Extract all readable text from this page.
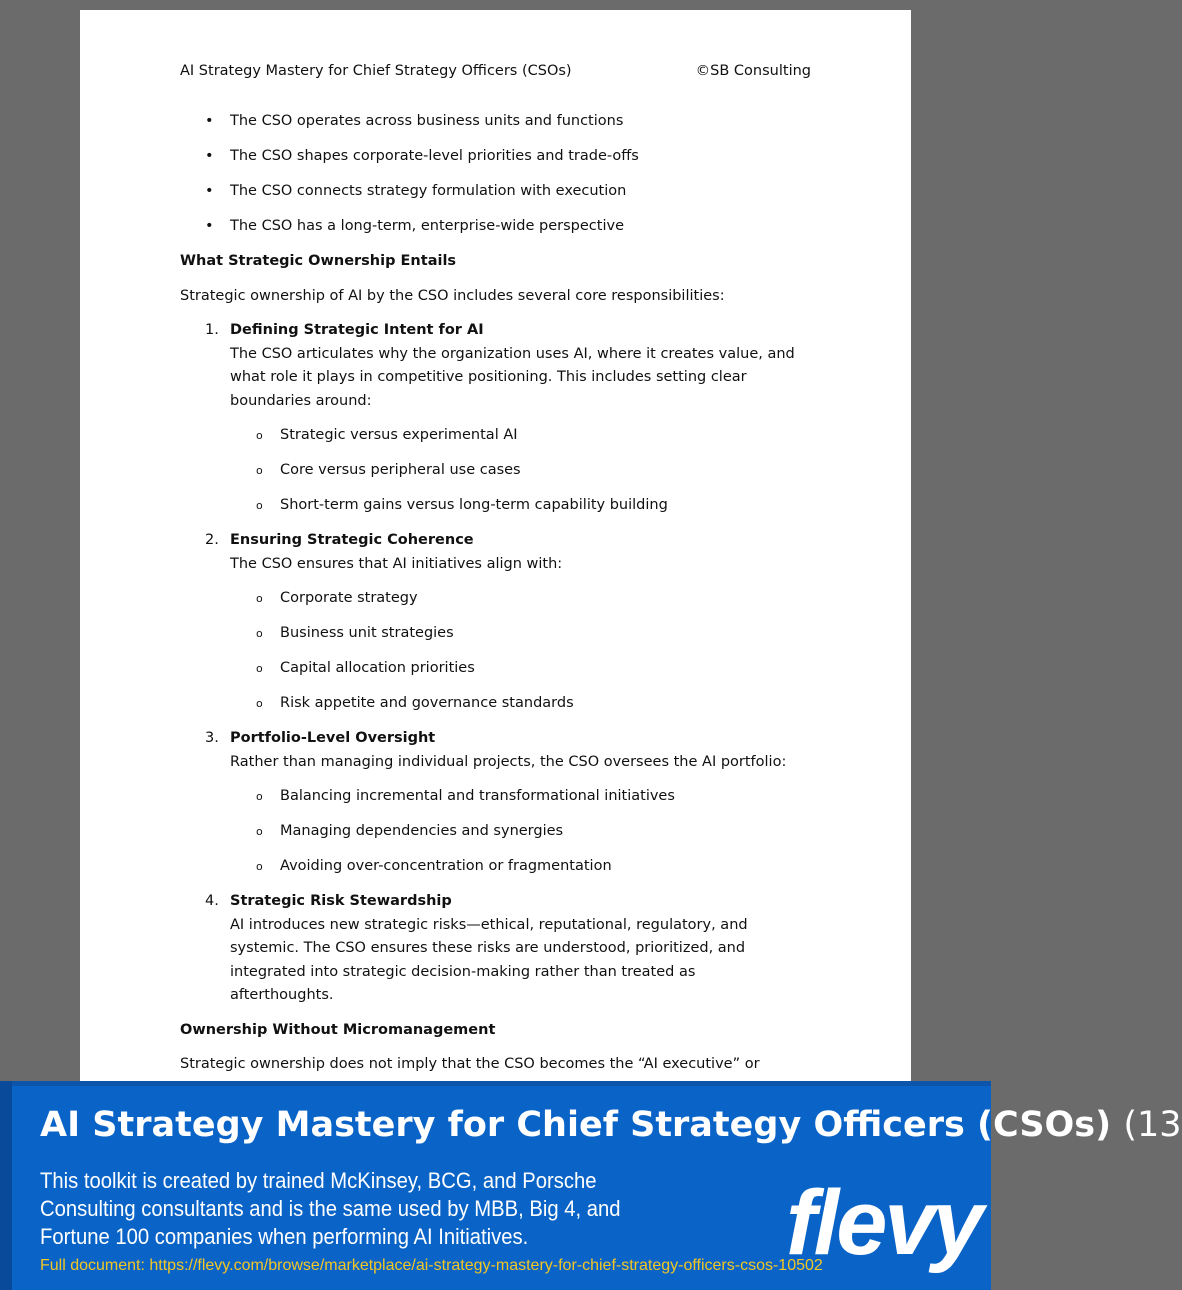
AI Strategy Mastery for Chief Strategy Officers (CSOs)	©SB Consulting
• The CSO operates across business units and functions
• The CSO shapes corporate-level priorities and trade-offs
• The CSO connects strategy formulation with execution
• The CSO has a long-term, enterprise-wide perspective
What Strategic Ownership Entails
Strategic ownership of AI by the CSO includes several core responsibilities:
1. Defining Strategic Intent for AI
The CSO articulates why the organization uses AI, where it creates value, and what role it plays in competitive positioning. This includes setting clear boundaries around:
o Strategic versus experimental AI
o Core versus peripheral use cases
o Short-term gains versus long-term capability building
2. Ensuring Strategic Coherence
The CSO ensures that AI initiatives align with:
o Corporate strategy
o Business unit strategies
o Capital allocation priorities
o Risk appetite and governance standards
3. Portfolio-Level Oversight
Rather than managing individual projects, the CSO oversees the AI portfolio:
o Balancing incremental and transformational initiatives
o Managing dependencies and synergies
o Avoiding over-concentration or fragmentation
4. Strategic Risk Stewardship
AI introduces new strategic risks—ethical, reputational, regulatory, and systemic. The CSO ensures these risks are understood, prioritized, and integrated into strategic decision-making rather than treated as afterthoughts.
Ownership Without Micromanagement
Strategic ownership does not imply that the CSO becomes the “AI executive” or
AI Strategy Mastery for Chief Strategy Officers (CSOs) (13
This toolkit is created by trained McKinsey, BCG, and Porsche Consulting consultants and is the same used by MBB, Big 4, and Fortune 100 companies when performing AI Initiatives.
Full document: https://flevy.com/browse/marketplace/ai-strategy-mastery-for-chief-strategy-officers-csos-10502
flevy
